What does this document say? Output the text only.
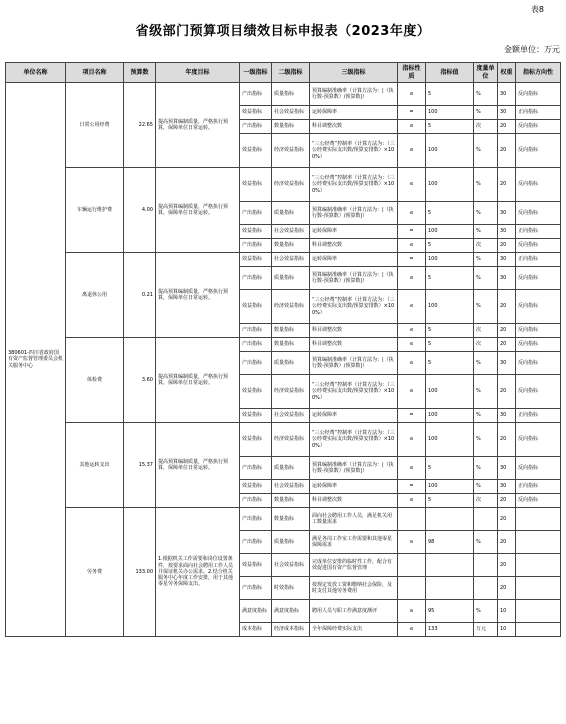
表8
省级部门预算项目绩效目标申报表（2023年度）
金额单位：万元
单位名称	项目名称	预算数	年度目标	一级指标	二级指标	三级指标	指标性质	指标值	度量单位	权重	指标方向性
380601-四川省政府国有资产监督管理委员会机关服务中心	日常公用经费	22.65	提高预算编制质量，严格执行预算，保障单位日常运转。	产出指标	质量指标	预算编制准确率（计算方法为：|（执行数-预算数）/预算数|）	≤	5	%	30	反向指标
				效益指标	社会效益指标	运转保障率	=	100	%	30	正向指标
				产出指标	数量指标	科目调整次数	≤	5	次	20	反向指标
				效益指标	经济效益指标	“三公经费”控制率（计算方法为：（三公经费实际支出数/预算安排数）×100%）	≤	100	%	20	反向指标
	车辆运行维护费	4.00	提高预算编制质量，严格执行预算，保障单位日常运转。	效益指标	经济效益指标	“三公经费”控制率（计算方法为：（三公经费实际支出数/预算安排数）×100%）	≤	100	%	20	反向指标
				产出指标	质量指标	预算编制准确率（计算方法为：|（执行数-预算数）/预算数|）	≤	5	%	30	反向指标
				效益指标	社会效益指标	运转保障率	=	100	%	30	正向指标
				产出指标	数量指标	科目调整次数	≤	5	次	20	反向指标
	离退休公用	0.21	提高预算编制质量，严格执行预算，保障单位日常运转。	效益指标	社会效益指标	运转保障率	=	100	%	30	正向指标
				产出指标	质量指标	预算编制准确率（计算方法为：|（执行数-预算数）/预算数|）	≤	5	%	30	反向指标
				效益指标	经济效益指标	“三公经费”控制率（计算方法为：（三公经费实际支出数/预算安排数）×100%）	≤	100	%	20	反向指标
				产出指标	数量指标	科目调整次数	≤	5	次	20	反向指标
	体检费	3.60	提高预算编制质量，严格执行预算，保障单位日常运转。	产出指标	数量指标	科目调整次数	≤	5	次	20	反向指标
				产出指标	质量指标	预算编制准确率（计算方法为：|（执行数-预算数）/预算数|）	≤	5	%	30	反向指标
				效益指标	经济效益指标	“三公经费”控制率（计算方法为：（三公经费实际支出数/预算安排数）×100%）	≤	100	%	20	反向指标
				效益指标	社会效益指标	运转保障率	=	100	%	30	正向指标
	其他运转支出	15.37	提高预算编制质量，严格执行预算，保障单位日常运转。	效益指标	经济效益指标	“三公经费”控制率（计算方法为：（三公经费实际支出数/预算安排数）×100%）	≤	100	%	20	反向指标
				产出指标	质量指标	预算编制准确率（计算方法为：|（执行数-预算数）/预算数|）	≤	5	%	30	反向指标
				效益指标	社会效益指标	运转保障率	=	100	%	30	正向指标
				产出指标	数量指标	科目调整次数	≤	5	次	20	反向指标
	劳务费	133.00	1.根据机关工作需要和岗位设置条件，按要求面向社会聘用工作人员并保证机关办公需求。2.结合机关服务中心年度工作安排，用于其他零星劳务保障支出。	产出指标	数量指标	面向社会聘用工作人员，满足机关用工数量需求				20	
				产出指标	质量指标	满足各岗工作室工作需要和其他零星保障需求	≥	98	%	20	
				效益指标	社会效益指标	完成单位安排的临时性工作，配合有效促进国有资产监督管理				20	
				产出指标	时效指标	按规定发放工资和缴纳社会保险，及时支付其他劳务费用				20	
				满意度指标	满意度指标	聘用人员与职工作满意度测评	≥	95	%	10	
				成本指标	经济成本指标	全年保障经费实际支出	≤	133	万元	10	
